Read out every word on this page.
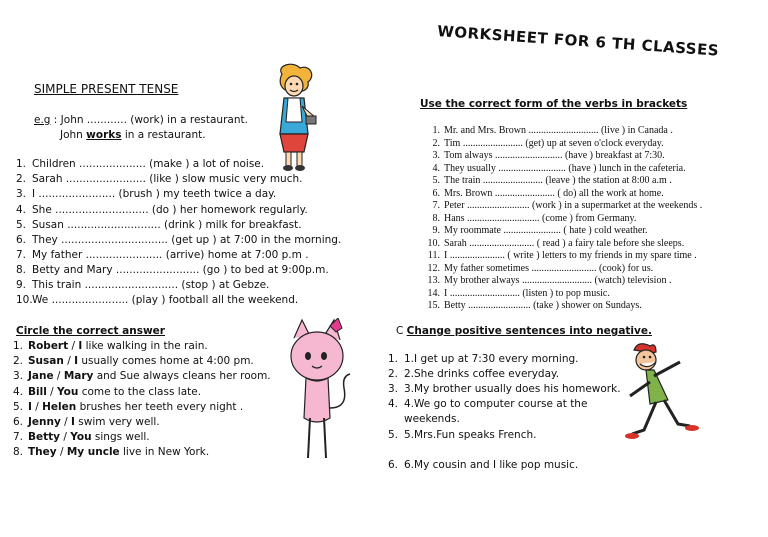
WORKSHEET FOR 6 TH CLASSES
SIMPLE PRESENT TENSE
e.g : John ............ (work) in a restaurant.
John works in a restaurant.
1. Children .................... (make ) a lot of noise.
2. Sarah ........................ (like ) slow music very much.
3. I ....................... (brush ) my teeth twice a day.
4. She ............................ (do ) her homework regularly.
5. Susan ............................ (drink ) milk for breakfast.
6. They ................................ (get up ) at 7:00 in the morning.
7. My father ....................... (arrive) home at 7:00 p.m .
8. Betty and Mary ......................... (go ) to bed at 9:00p.m.
9. This train ............................ (stop ) at Gebze.
10.We ....................... (play ) football all the weekend.
Circle the correct answer
1. Robert / I like walking in the rain.
2. Susan / I usually comes home at 4:00 pm.
3. Jane / Mary and Sue always cleans her room.
4. Bill / You come to the class late.
5. I / Helen brushes her teeth every night .
6. Jenny / I swim very well.
7. Betty / You sings well.
8. They / My uncle live in New York.
Use the correct form of the verbs in brackets
1. Mr. and Mrs. Brown ............................ (live ) in Canada .
2. Tim ........................ (get) up at seven o'clock everyday.
3. Tom always ........................... (have ) breakfast at 7:30.
4. They usually ........................... (have ) lunch in the cafeteria.
5. The train ........................ (leave ) the station at 8:00 a.m .
6. Mrs. Brown ........................ ( do) all the work at home.
7. Peter ......................... (work ) in a supermarket at the weekends .
8. Hans ............................. (come ) from Germany.
9. My roommate ....................... ( hate ) cold weather.
10. Sarah .......................... ( read ) a fairy tale before she sleeps.
11. I ...................... ( write ) letters to my friends in my spare time .
12. My father sometimes .......................... (cook) for us.
13. My brother always ............................ (watch) television .
14. I ............................ (listen ) to pop music.
15. Betty ......................... (take ) shower on Sundays.
C Change positive sentences into negative.
1. 1.I get up at 7:30 every morning.
2. 2.She drinks coffee everyday.
3. 3.My brother usually does his homework.
4. 4.We go to computer course at the
weekends.
5. 5.Mrs.Fun speaks French.
6. 6.My cousin and I like pop music.
